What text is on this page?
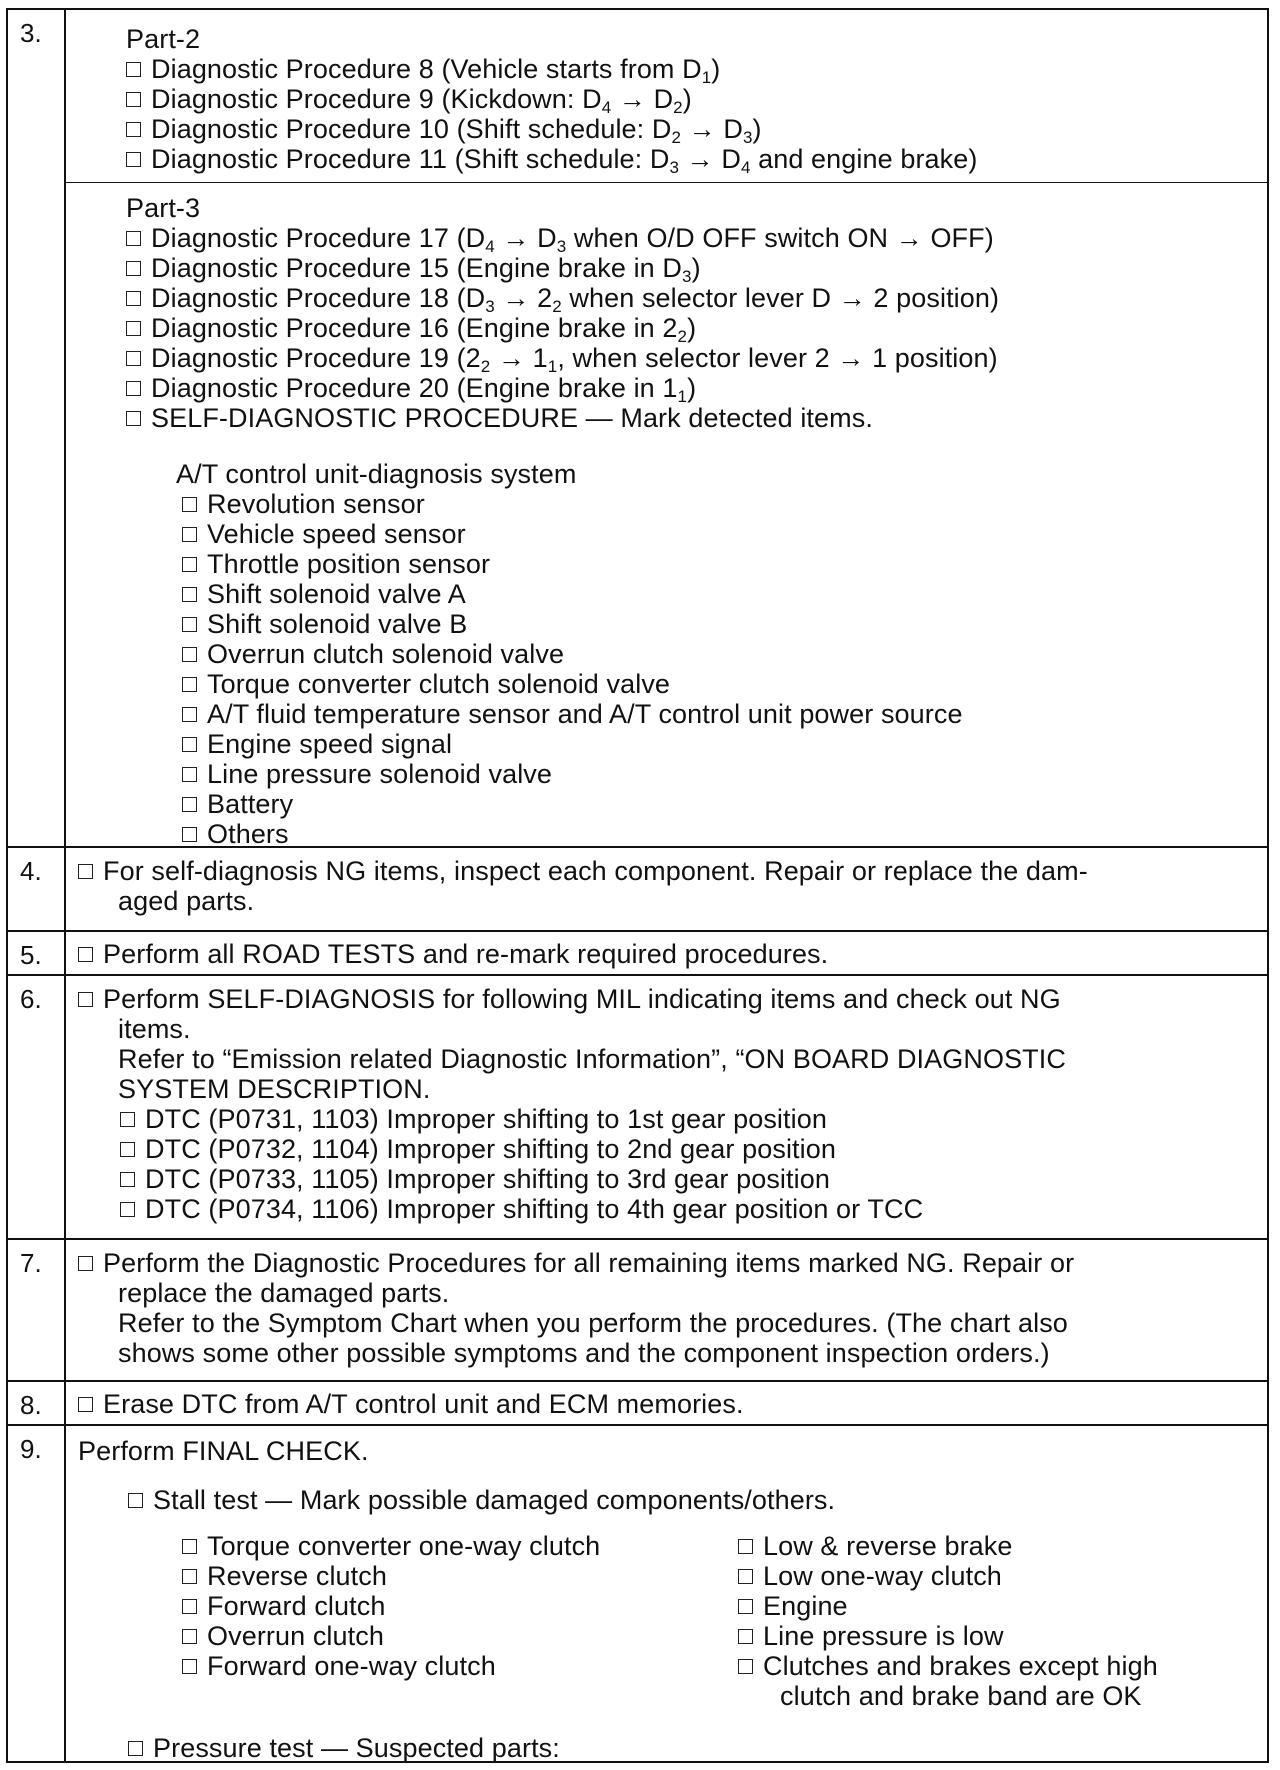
3.	Part-2
Diagnostic Procedure 8 (Vehicle starts from $D_1$)
Diagnostic Procedure 9 (Kickdown: $D_4 \to D_2$)
Diagnostic Procedure 10 (Shift schedule: $D_2 \to D_3$)
Diagnostic Procedure 11 (Shift schedule: $D_3 \to D_4$ and engine brake)
Part-3
Diagnostic Procedure 17 ($D_4 \to D_3$ when O/D OFF switch ON → OFF)
Diagnostic Procedure 15 (Engine brake in $D_3$)
Diagnostic Procedure 18 ($D_3 \to 2_2$ when selector lever D → 2 position)
Diagnostic Procedure 16 (Engine brake in $2_2$)
Diagnostic Procedure 19 ($2_2 \to 1_1$, when selector lever 2 → 1 position)
Diagnostic Procedure 20 (Engine brake in $1_1$)
SELF-DIAGNOSTIC PROCEDURE — Mark detected items.
A/T control unit-diagnosis system
Revolution sensor
Vehicle speed sensor
Throttle position sensor
Shift solenoid valve A
Shift solenoid valve B
Overrun clutch solenoid valve
Torque converter clutch solenoid valve
A/T fluid temperature sensor and A/T control unit power source
Engine speed signal
Line pressure solenoid valve
Battery
Others
4.	For self-diagnosis NG items, inspect each component. Repair or replace the dam-
aged parts.
5.	Perform all ROAD TESTS and re-mark required procedures.
6.	Perform SELF-DIAGNOSIS for following MIL indicating items and check out NG
items.
Refer to “Emission related Diagnostic Information”, “ON BOARD DIAGNOSTIC
SYSTEM DESCRIPTION.
DTC (P0731, 1103) Improper shifting to 1st gear position
DTC (P0732, 1104) Improper shifting to 2nd gear position
DTC (P0733, 1105) Improper shifting to 3rd gear position
DTC (P0734, 1106) Improper shifting to 4th gear position or TCC
7.	Perform the Diagnostic Procedures for all remaining items marked NG. Repair or
replace the damaged parts.
Refer to the Symptom Chart when you perform the procedures. (The chart also
shows some other possible symptoms and the component inspection orders.)
8.	Erase DTC from A/T control unit and ECM memories.
9.	Perform FINAL CHECK.
Stall test — Mark possible damaged components/others.
Torque converter one-way clutch
Reverse clutch
Forward clutch
Overrun clutch
Forward one-way clutch
Low & reverse brake
Low one-way clutch
Engine
Line pressure is low
Clutches and brakes except high
clutch and brake band are OK
Pressure test — Suspected parts:
